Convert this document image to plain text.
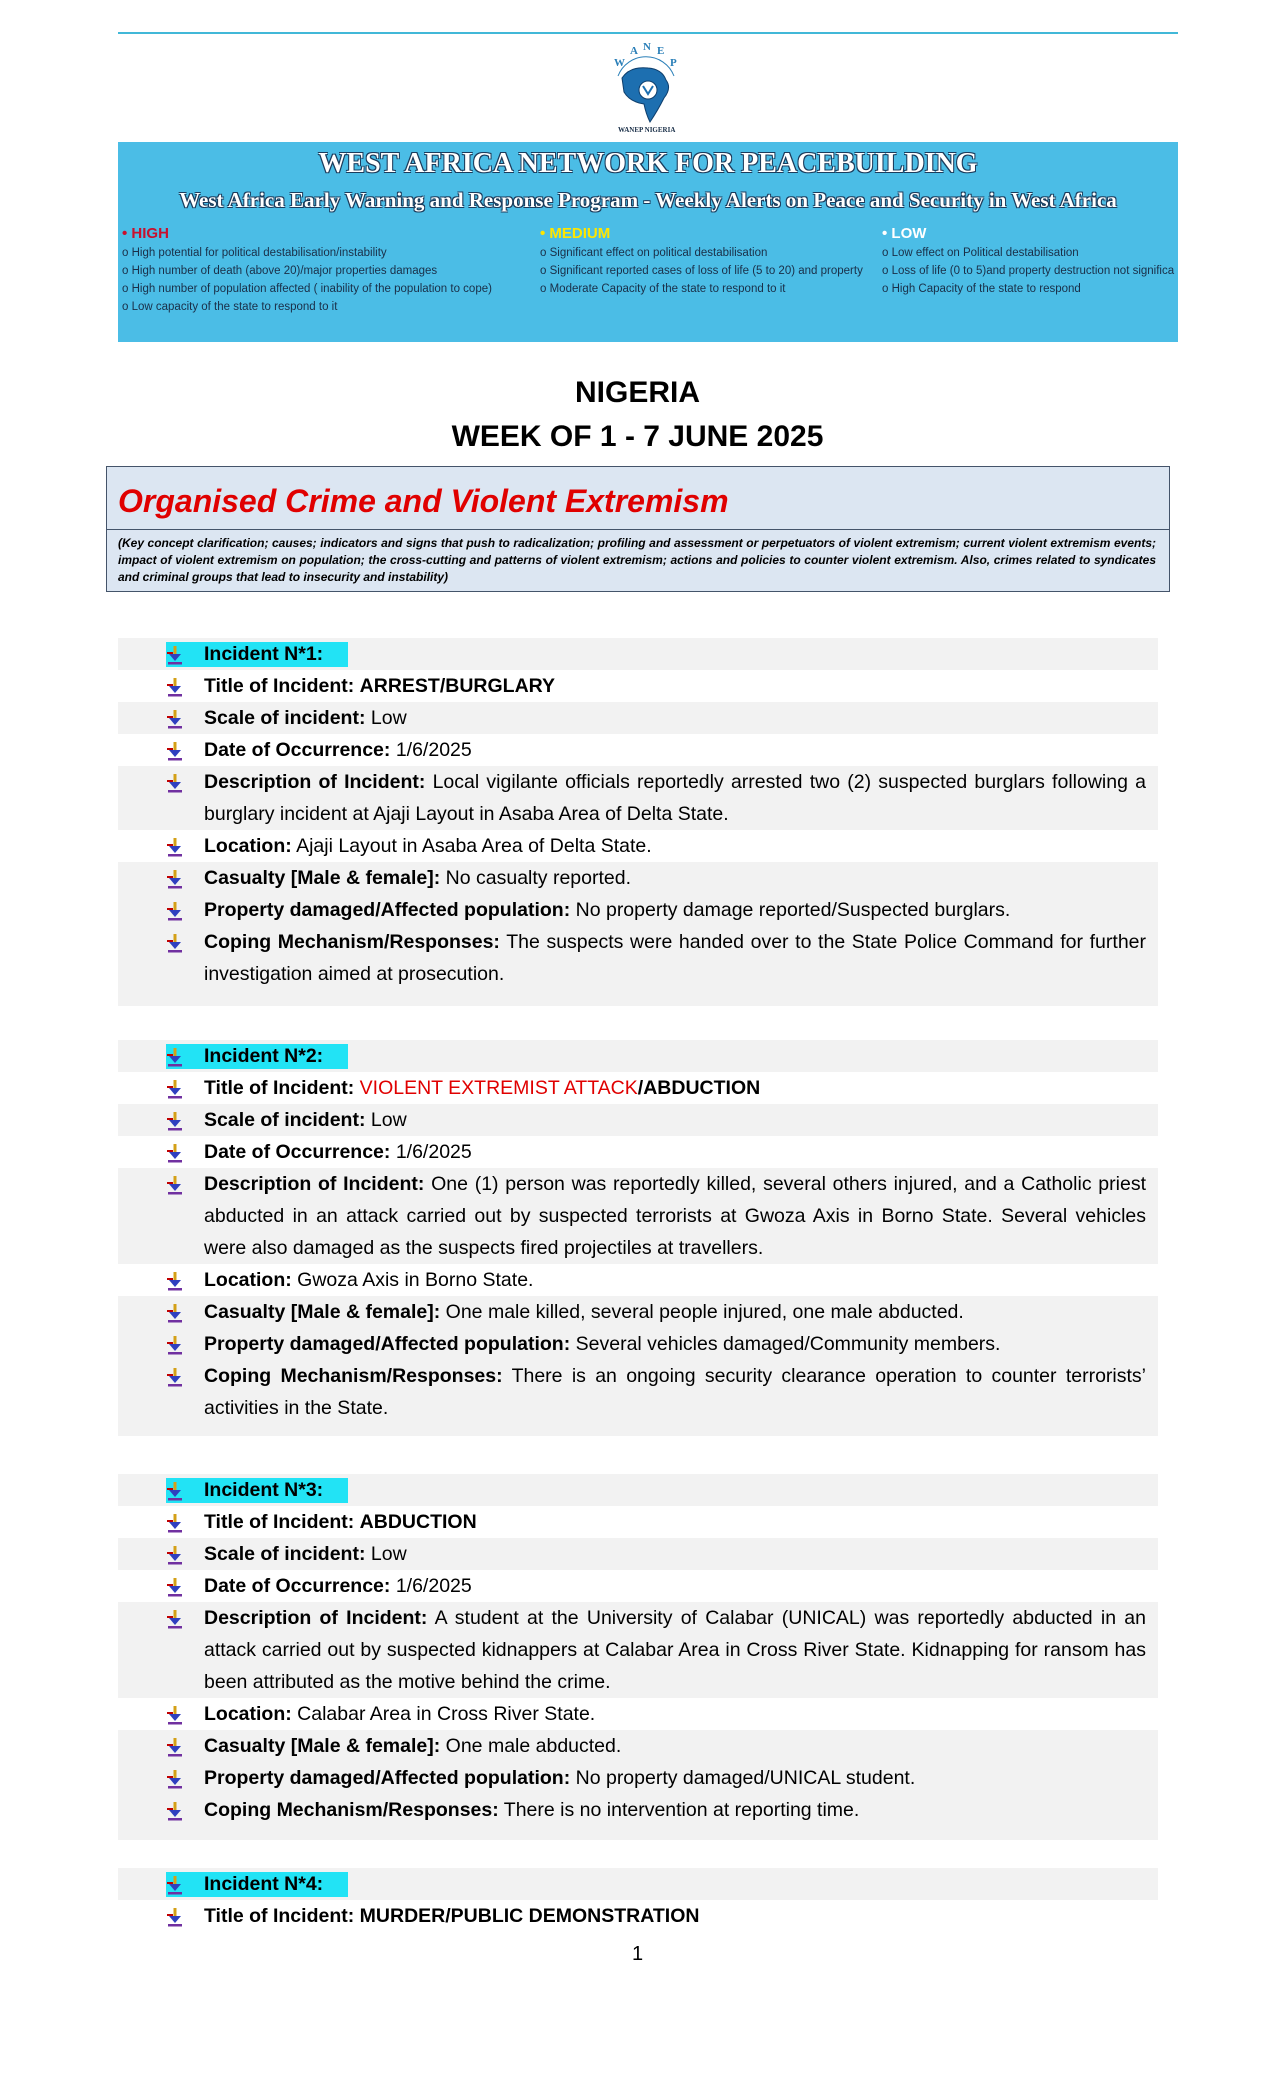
W
A N E
P
WANEP NIGERIA
WEST AFRICA NETWORK FOR PEACEBUILDING
West Africa Early Warning and Response Program - Weekly Alerts on Peace and Security in West Africa
• HIGH
o High potential for political destabilisation/instability
o High number of death (above 20)/major properties damages
o High number of population affected ( inability of the population to cope)
o Low capacity of the state to respond to it
• MEDIUM
o Significant effect on political destabilisation
o Significant reported cases of loss of life (5 to 20) and property
o Moderate Capacity of the state to respond to it
• LOW
o Low effect on Political destabilisation
o Loss of life (0 to 5)and property destruction not significa
o High Capacity of the state to respond
NIGERIA
WEEK OF 1 - 7 JUNE 2025
Organised Crime and Violent Extremism
(Key concept clarification; causes; indicators and signs that push to radicalization; profiling and assessment or perpetuators of violent extremism; current violent extremism events; impact of violent extremism on population; the cross-cutting and patterns of violent extremism; actions and policies to counter violent extremism. Also, crimes related to syndicates and criminal groups that lead to insecurity and instability)
Incident N*1:
Title of Incident: ARREST/BURGLARY
Scale of incident: Low
Date of Occurrence: 1/6/2025
Description of Incident: Local vigilante officials reportedly arrested two (2) suspected burglars following a burglary incident at Ajaji Layout in Asaba Area of Delta State.
Location: Ajaji Layout in Asaba Area of Delta State.
Casualty [Male & female]: No casualty reported.
Property damaged/Affected population: No property damage reported/Suspected burglars.
Coping Mechanism/Responses: The suspects were handed over to the State Police Command for further investigation aimed at prosecution.
Incident N*2:
Title of Incident: VIOLENT EXTREMIST ATTACK/ABDUCTION
Scale of incident: Low
Date of Occurrence: 1/6/2025
Description of Incident: One (1) person was reportedly killed, several others injured, and a Catholic priest abducted in an attack carried out by suspected terrorists at Gwoza Axis in Borno State. Several vehicles were also damaged as the suspects fired projectiles at travellers.
Location: Gwoza Axis in Borno State.
Casualty [Male & female]: One male killed, several people injured, one male abducted.
Property damaged/Affected population: Several vehicles damaged/Community members.
Coping Mechanism/Responses: There is an ongoing security clearance operation to counter terrorists’ activities in the State.
Incident N*3:
Title of Incident: ABDUCTION
Scale of incident: Low
Date of Occurrence: 1/6/2025
Description of Incident: A student at the University of Calabar (UNICAL) was reportedly abducted in an attack carried out by suspected kidnappers at Calabar Area in Cross River State. Kidnapping for ransom has been attributed as the motive behind the crime.
Location: Calabar Area in Cross River State.
Casualty [Male & female]: One male abducted.
Property damaged/Affected population: No property damaged/UNICAL student.
Coping Mechanism/Responses: There is no intervention at reporting time.
Incident N*4:
Title of Incident: MURDER/PUBLIC DEMONSTRATION
1
